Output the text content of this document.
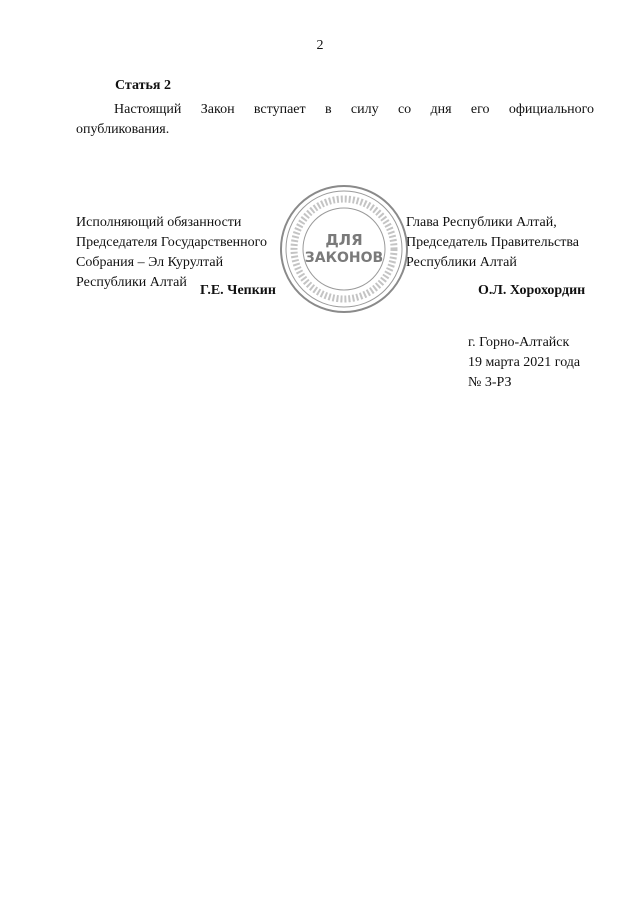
2
Статья 2
Настоящий Закон вступает в силу со дня его официального
опубликования.
Исполняющий обязанности
Председателя Государственного
Собрания – Эл Курултай
Республики Алтай
Глава Республики Алтай,
Председатель Правительства
Республики Алтай
Г.Е. Чепкин	О.Л. Хорохордин
ДЛЯ
ЗАКОНОВ
г. Горно-Алтайск
19 марта 2021 года
№ 3-РЗ
